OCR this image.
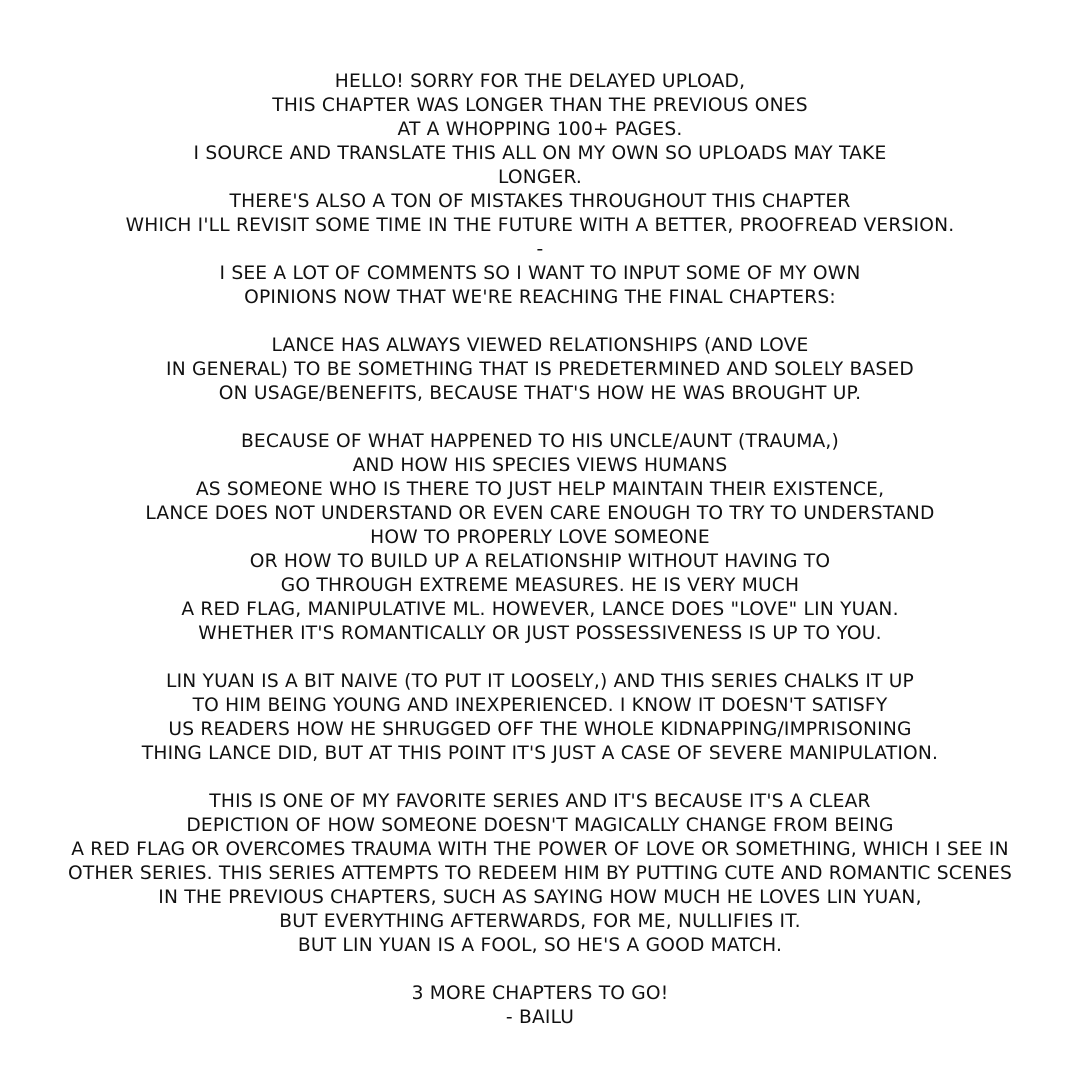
HELLO! SORRY FOR THE DELAYED UPLOAD,
THIS CHAPTER WAS LONGER THAN THE PREVIOUS ONES
AT A WHOPPING 100+ PAGES.
I SOURCE AND TRANSLATE THIS ALL ON MY OWN SO UPLOADS MAY TAKE
LONGER.
THERE'S ALSO A TON OF MISTAKES THROUGHOUT THIS CHAPTER
WHICH I'LL REVISIT SOME TIME IN THE FUTURE WITH A BETTER, PROOFREAD VERSION.
-
I SEE A LOT OF COMMENTS SO I WANT TO INPUT SOME OF MY OWN
OPINIONS NOW THAT WE'RE REACHING THE FINAL CHAPTERS:
LANCE HAS ALWAYS VIEWED RELATIONSHIPS (AND LOVE
IN GENERAL) TO BE SOMETHING THAT IS PREDETERMINED AND SOLELY BASED
ON USAGE/BENEFITS, BECAUSE THAT'S HOW HE WAS BROUGHT UP.
BECAUSE OF WHAT HAPPENED TO HIS UNCLE/AUNT (TRAUMA,)
AND HOW HIS SPECIES VIEWS HUMANS
AS SOMEONE WHO IS THERE TO JUST HELP MAINTAIN THEIR EXISTENCE,
LANCE DOES NOT UNDERSTAND OR EVEN CARE ENOUGH TO TRY TO UNDERSTAND
HOW TO PROPERLY LOVE SOMEONE
OR HOW TO BUILD UP A RELATIONSHIP WITHOUT HAVING TO
GO THROUGH EXTREME MEASURES. HE IS VERY MUCH
A RED FLAG, MANIPULATIVE ML. HOWEVER, LANCE DOES "LOVE" LIN YUAN.
WHETHER IT'S ROMANTICALLY OR JUST POSSESSIVENESS IS UP TO YOU.
LIN YUAN IS A BIT NAIVE (TO PUT IT LOOSELY,) AND THIS SERIES CHALKS IT UP
TO HIM BEING YOUNG AND INEXPERIENCED. I KNOW IT DOESN'T SATISFY
US READERS HOW HE SHRUGGED OFF THE WHOLE KIDNAPPING/IMPRISONING
THING LANCE DID, BUT AT THIS POINT IT'S JUST A CASE OF SEVERE MANIPULATION.
THIS IS ONE OF MY FAVORITE SERIES AND IT'S BECAUSE IT'S A CLEAR
DEPICTION OF HOW SOMEONE DOESN'T MAGICALLY CHANGE FROM BEING
A RED FLAG OR OVERCOMES TRAUMA WITH THE POWER OF LOVE OR SOMETHING, WHICH I SEE IN
OTHER SERIES. THIS SERIES ATTEMPTS TO REDEEM HIM BY PUTTING CUTE AND ROMANTIC SCENES
IN THE PREVIOUS CHAPTERS, SUCH AS SAYING HOW MUCH HE LOVES LIN YUAN,
BUT EVERYTHING AFTERWARDS, FOR ME, NULLIFIES IT.
BUT LIN YUAN IS A FOOL, SO HE'S A GOOD MATCH.
3 MORE CHAPTERS TO GO!
- BAILU
